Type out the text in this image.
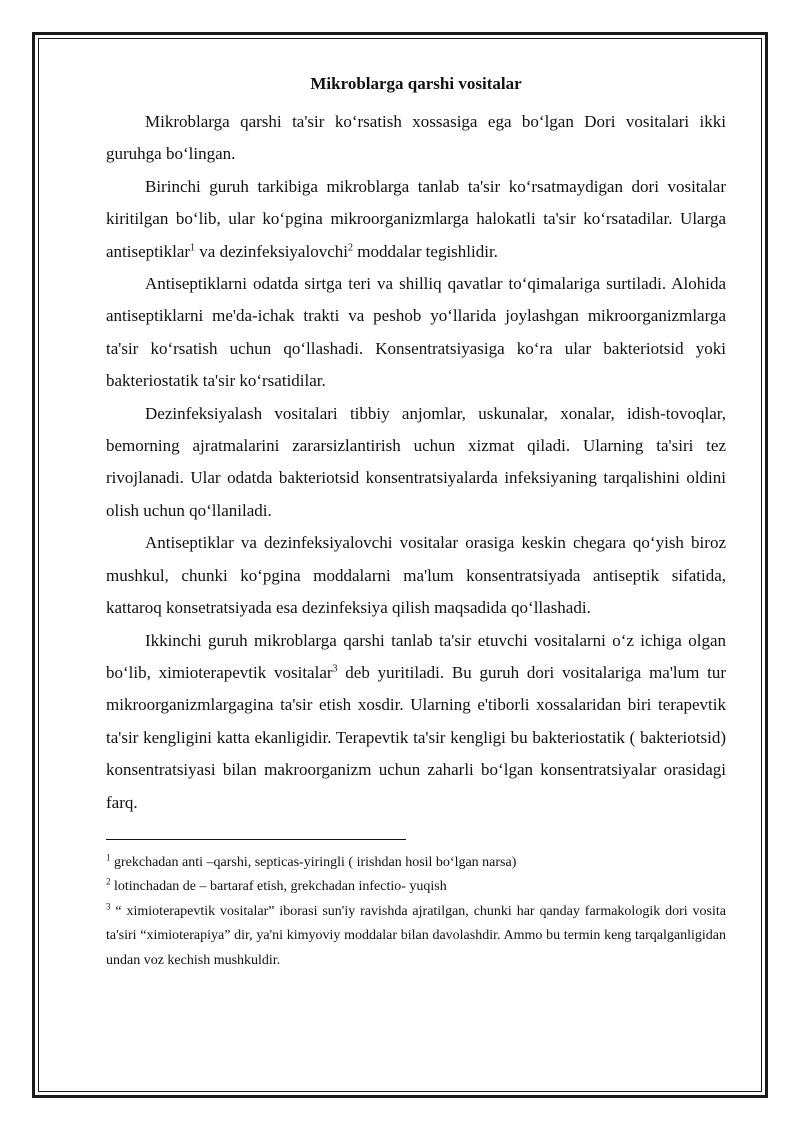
Mikroblarga qarshi vositalar

Mikroblarga qarshi ta'sir ko‘rsatish xossasiga ega bo‘lgan Dori vositalari ikki guruhga bo‘lingan.

Birinchi guruh tarkibiga mikroblarga tanlab ta'sir ko‘rsatmaydigan dori vositalar kiritilgan bo‘lib, ular ko‘pgina mikroorganizmlarga halokatli ta'sir ko‘rsatadilar. Ularga antiseptiklar$^1$ va dezinfeksiyalovchi$^2$ moddalar tegishlidir.

Antiseptiklarni odatda sirtga teri va shilliq qavatlar to‘qimalariga surtiladi. Alohida antiseptiklarni me'da-ichak trakti va peshob yo‘llarida joylashgan mikroorganizmlarga ta'sir ko‘rsatish uchun qo‘llashadi. Konsentratsiyasiga ko‘ra ular bakteriotsid yoki bakteriostatik ta'sir ko‘rsatidilar.

Dezinfeksiyalash vositalari tibbiy anjomlar, uskunalar, xonalar, idish-tovoqlar, bemorning ajratmalarini zararsizlantirish uchun xizmat qiladi. Ularning ta'siri tez rivojlanadi. Ular odatda bakteriotsid konsentratsiyalarda infeksiyaning tarqalishini oldini olish uchun qo‘llaniladi.

Antiseptiklar va dezinfeksiyalovchi vositalar orasiga keskin chegara qo‘yish biroz mushkul, chunki ko‘pgina moddalarni ma'lum konsentratsiyada antiseptik sifatida, kattaroq konsetratsiyada esa dezinfeksiya qilish maqsadida qo‘llashadi.

Ikkinchi guruh mikroblarga qarshi tanlab ta'sir etuvchi vositalarni o‘z ichiga olgan bo‘lib, ximioterapevtik vositalar$^3$ deb yuritiladi. Bu guruh dori vositalariga ma'lum tur mikroorganizmlargagina ta'sir etish xosdir. Ularning e'tiborli xossalaridan biri terapevtik ta'sir kengligini katta ekanligidir. Terapevtik ta'sir kengligi bu bakteriostatik ( bakteriotsid) konsentratsiyasi bilan makroorganizm uchun zaharli bo‘lgan konsentratsiyalar orasidagi farq.

$^1$ grekchadan anti –qarshi, septicas-yiringli ( irishdan hosil bo‘lgan narsa)

$^2$ lotinchadan de – bartaraf etish, grekchadan infectio- yuqish

$^3$ “ ximioterapevtik vositalar” iborasi sun'iy ravishda ajratilgan, chunki har qanday farmakologik dori vosita ta'siri “ximioterapiya” dir, ya'ni kimyoviy moddalar bilan davolashdir. Ammo bu termin keng tarqalganligidan undan voz kechish mushkuldir.
